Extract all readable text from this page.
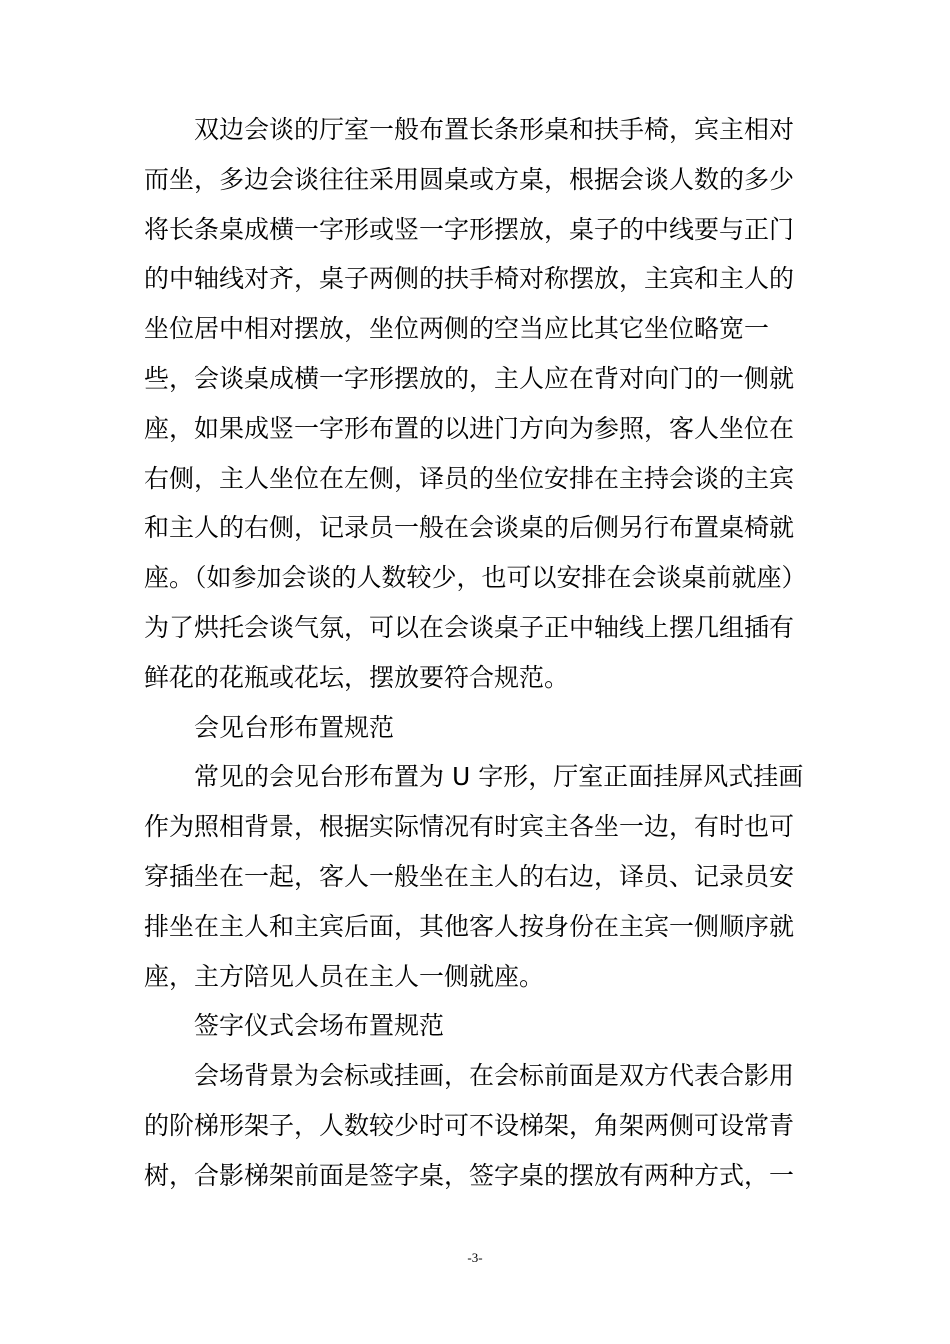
双边会谈的厅室一般布置长条形桌和扶手椅，宾主相对
而坐，多边会谈往往采用圆桌或方桌，根据会谈人数的多少
将长条桌成横一字形或竖一字形摆放，桌子的中线要与正门
的中轴线对齐，桌子两侧的扶手椅对称摆放，主宾和主人的
坐位居中相对摆放，坐位两侧的空当应比其它坐位略宽一
些，会谈桌成横一字形摆放的，主人应在背对向门的一侧就
座，如果成竖一字形布置的以进门方向为参照，客人坐位在
右侧，主人坐位在左侧，译员的坐位安排在主持会谈的主宾
和主人的右侧，记录员一般在会谈桌的后侧另行布置桌椅就
座。（如参加会谈的人数较少，也可以安排在会谈桌前就座）
为了烘托会谈气氛，可以在会谈桌子正中轴线上摆几组插有
鲜花的花瓶或花坛，摆放要符合规范。
会见台形布置规范
常见的会见台形布置为 U 字形，厅室正面挂屏风式挂画
作为照相背景，根据实际情况有时宾主各坐一边，有时也可
穿插坐在一起，客人一般坐在主人的右边，译员、记录员安
排坐在主人和主宾后面，其他客人按身份在主宾一侧顺序就
座，主方陪见人员在主人一侧就座。
签字仪式会场布置规范
会场背景为会标或挂画，在会标前面是双方代表合影用
的阶梯形架子，人数较少时可不设梯架，角架两侧可设常青
树，合影梯架前面是签字桌，签字桌的摆放有两种方式，一
-3-
